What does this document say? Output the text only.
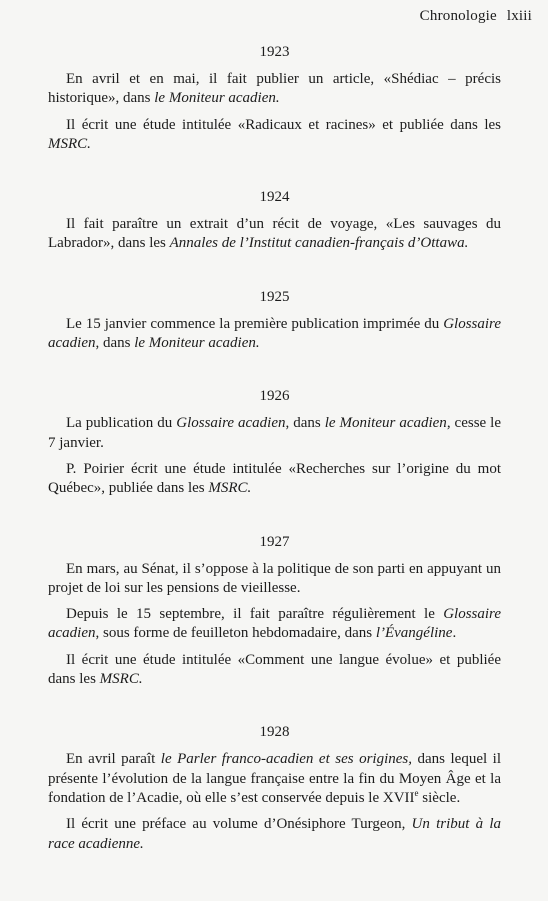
Chronologie lxiii
1923

En avril et en mai, il fait publier un article, «Shédiac – précis historique», dans le Moniteur acadien.

Il écrit une étude intitulée «Radicaux et racines» et publiée dans les MSRC.

1924

Il fait paraître un extrait d’un récit de voyage, «Les sauvages du Labrador», dans les Annales de l’Institut canadien-français d’Ottawa.

1925

Le 15 janvier commence la première publication imprimée du Glossaire acadien, dans le Moniteur acadien.

1926

La publication du Glossaire acadien, dans le Moniteur acadien, cesse le 7 janvier.

P. Poirier écrit une étude intitulée «Recherches sur l’origine du mot Québec», publiée dans les MSRC.

1927

En mars, au Sénat, il s’oppose à la politique de son parti en appuyant un projet de loi sur les pensions de vieillesse.

Depuis le 15 septembre, il fait paraître régulièrement le Glossaire acadien, sous forme de feuilleton hebdomadaire, dans l’Évangéline.

Il écrit une étude intitulée «Comment une langue évolue» et publiée dans les MSRC.

1928

En avril paraît le Parler franco-acadien et ses origines, dans lequel il présente l’évolution de la langue française entre la fin du Moyen Âge et la fondation de l’Acadie, où elle s’est conservée depuis le XVIIe siècle.

Il écrit une préface au volume d’Onésiphore Turgeon, Un tribut à la race acadienne.
